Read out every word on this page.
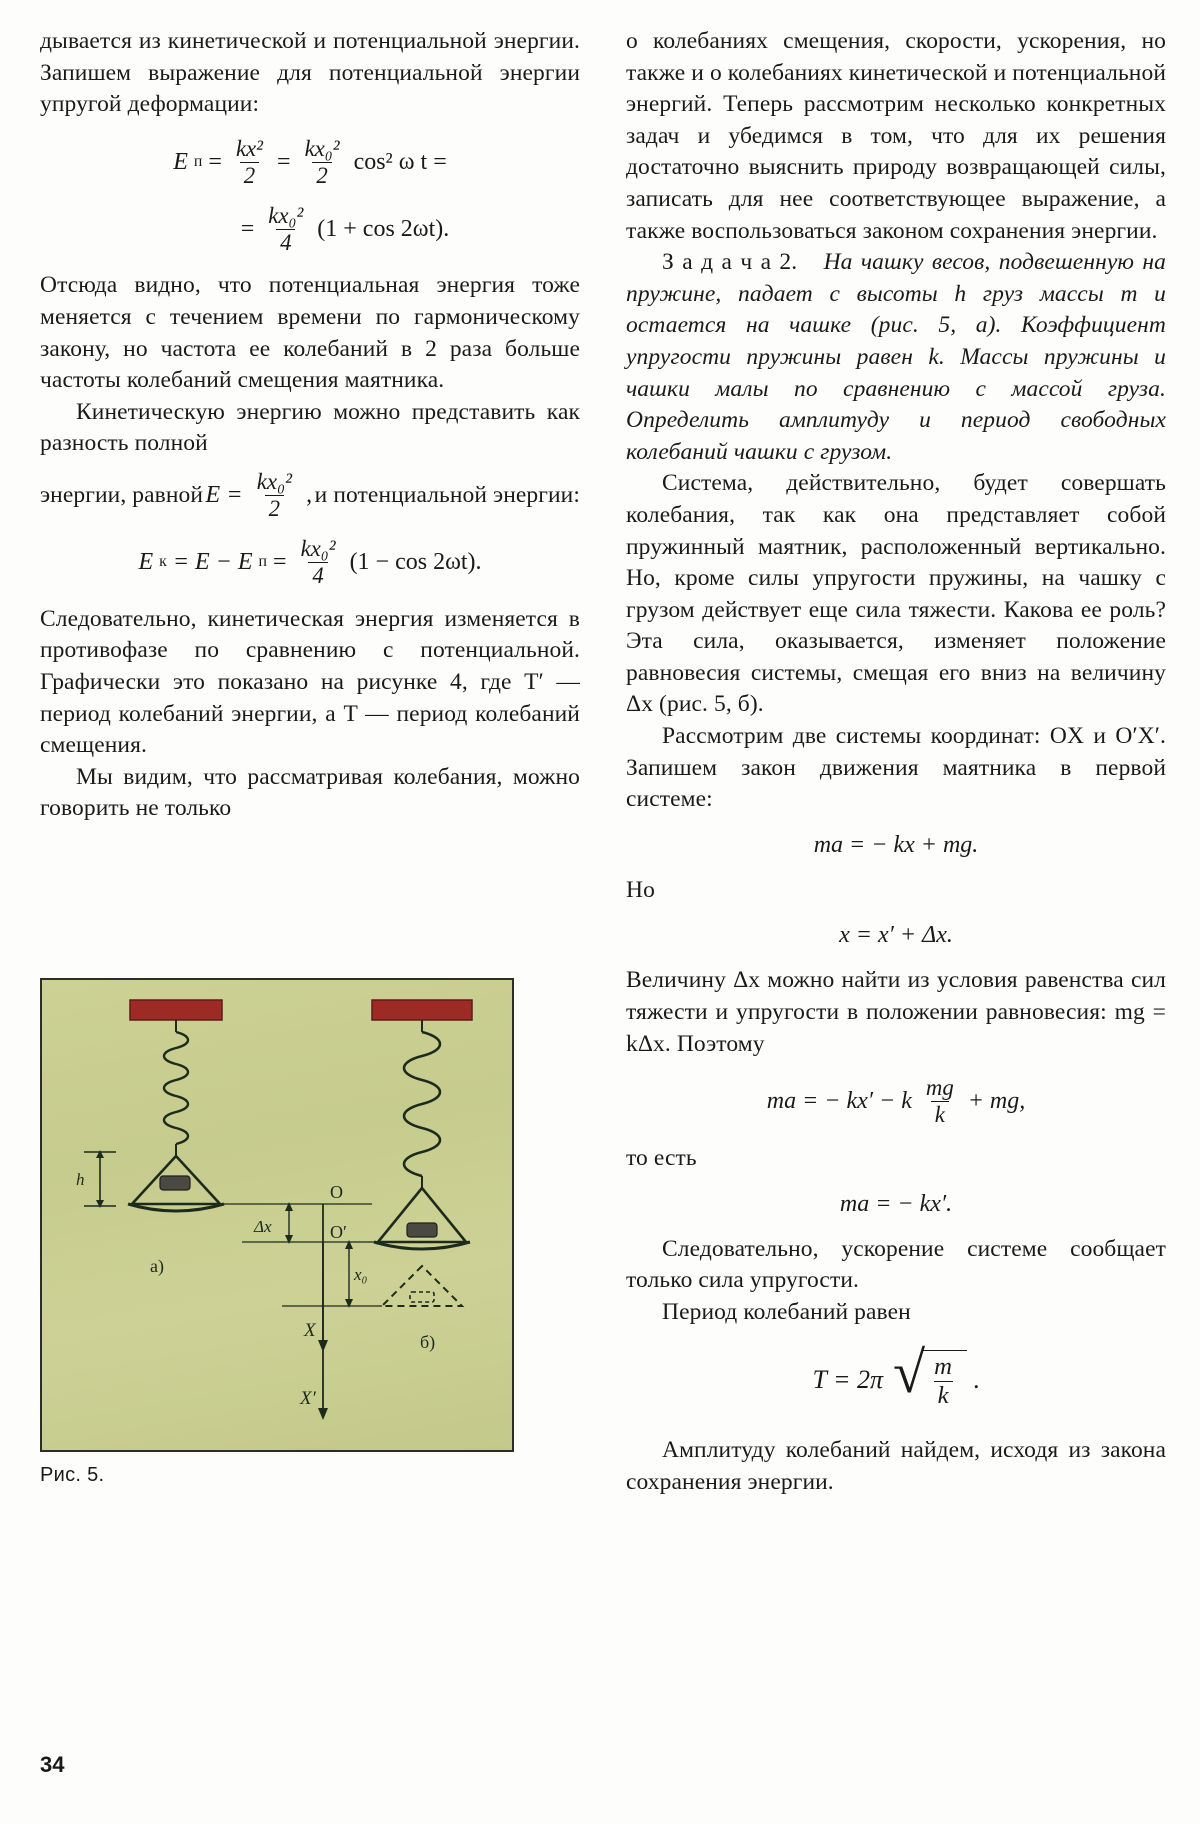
дывается из кинетической и потенциальной энергии. Запишем выражение для потенциальной энергии упругой деформации:

E $п = \frac{\text{kx²}}{2} = \frac{\text{kx₀²}}{2} \cos^2$ ω t =
= $\frac{\text{kx₀²}}{4} (1 + \cos 2\omega t)$.

Отсюда видно, что потенциальная энергия тоже меняется с течением времени по гармоническому закону, но частота ее колебаний в 2 раза больше частоты колебаний смещения маятника.

Кинетическую энергию можно представить как разность полной

энергии, равной $E = \frac{\text{kx₀²}}{2}$ , и потенциальной энергии:

E к = E − E $п = \frac{\text{kx₀²}}{4} (1 - \cos 2\omega t)$.

Следовательно, кинетическая энергия изменяется в противофазе по сравнению с потенциальной. Графически это показано на рисунке 4, где T′ — период колебаний энергии, а T — период колебаний смещения.

Мы видим, что рассматривая колебания, можно говорить не только

h
O
O′
Δx
x₀
X
X′
а)
б)
Рис. 5.

о колебаниях смещения, скорости, ускорения, но также и о колебаниях кинетической и потенциальной энергий. Теперь рассмотрим несколько конкретных задач и убедимся в том, что для их решения достаточно выяснить природу возвращающей силы, записать для нее соответствующее выражение, а также воспользоваться законом сохранения энергии.

З а д а ч а 2. На чашку весов, подвешенную на пружине, падает с высоты h груз массы m и остается на чашке (рис. 5, а). Коэффициент упругости пружины равен k. Массы пружины и чашки малы по сравнению с массой груза. Определить амплитуду и период свободных колебаний чашки с грузом.

Система, действительно, будет совершать колебания, так как она представляет собой пружинный маятник, расположенный вертикально. Но, кроме силы упругости пружины, на чашку с грузом действует еще сила тяжести. Какова ее роль? Эта сила, оказывается, изменяет положение равновесия системы, смещая его вниз на величину Δx (рис. 5, б).

Рассмотрим две системы координат: OX и O′X′. Запишем закон движения маятника в первой системе:

ma = − kx + mg.

Но

x = x′ + Δx.

Величину Δx можно найти из условия равенства сил тяжести и упругости в положении равновесия: mg = kΔx. Поэтому

ma = − kx′ − k $\frac{mg}{k}$ + mg,

то есть

ma = − kx′.

Следовательно, ускорение системе сообщает только сила упругости.

Период колебаний равен

T = 2π √ $\frac{m}{k}$ .

Амплитуду колебаний найдем, исходя из закона сохранения энергии.

34
